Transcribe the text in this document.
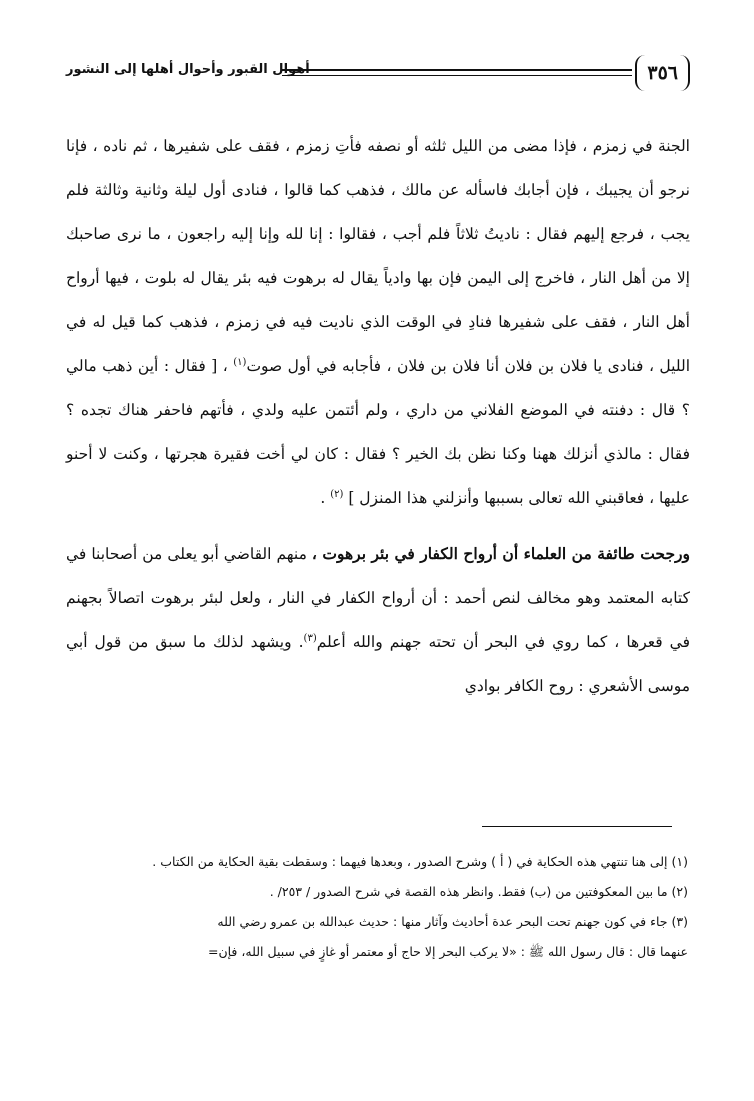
٣٥٦
أهوال القبور وأحوال أهلها إلى النشور

الجنة في زمزم ، فإذا مضى من الليل ثلثه أو نصفه فأتِ زمزم ، فقف على شفيرها ، ثم ناده ، فإنا نرجو أن يجيبك ، فإن أجابك فاسأله عن مالك ، فذهب كما قالوا ، فنادى أول ليلة وثانية وثالثة فلم يجب ، فرجع إليهم فقال : ناديتُ ثلاثاً فلم أجب ، فقالوا : إنا لله وإنا إليه راجعون ، ما نرى صاحبك إلا من أهل النار ، فاخرج إلى اليمن فإن بها وادياً يقال له برهوت فيه بئر يقال له بلوت ، فيها أرواح أهل النار ، فقف على شفيرها فنادِ في الوقت الذي ناديت فيه في زمزم ، فذهب كما قيل له في الليل ، فنادى يا فلان بن فلان أنا فلان بن فلان ، فأجابه في أول صوت$^{(١)}$ ، [ فقال : أين ذهب مالي ؟ قال : دفنته في الموضع الفلاني من داري ، ولم أئتمن عليه ولدي ، فأتهم فاحفر هناك تجده ؟ فقال : مالذي أنزلك ههنا وكنا نظن بك الخير ؟ فقال : كان لي أخت فقيرة هجرتها ، وكنت لا أحنو عليها ، فعاقبني الله تعالى بسببها وأنزلني هذا المنزل ] $^{(٢)}$ .

ورجحت طائفة من العلماء أن أرواح الكفار في بئر برهوت ، منهم القاضي أبو يعلى من أصحابنا في كتابه المعتمد وهو مخالف لنص أحمد : أن أرواح الكفار في النار ، ولعل لبئر برهوت اتصالاً بجهنم في قعرها ، كما روي في البحر أن تحته جهنم والله أعلم$^{(٣)}$. ويشهد لذلك ما سبق من قول أبي موسى الأشعري : روح الكافر بوادي

(١) إلى هنا تنتهي هذه الحكاية في ( أ ) وشرح الصدور ، وبعدها فيهما : وسقطت بقية الحكاية من الكتاب .

(٢) ما بين المعكوفتين من (ب) فقط. وانظر هذه القصة في شرح الصدور / ٢٥٣/ .

(٣) جاء في كون جهنم تحت البحر عدة أحاديث وآثار منها : حديث عبدالله بن عمرو رضي الله
عنهما قال : قال رسول الله ﷺ : «لا يركب البحر إلا حاج أو معتمر أو غازٍ في سبيل الله، فإن=
